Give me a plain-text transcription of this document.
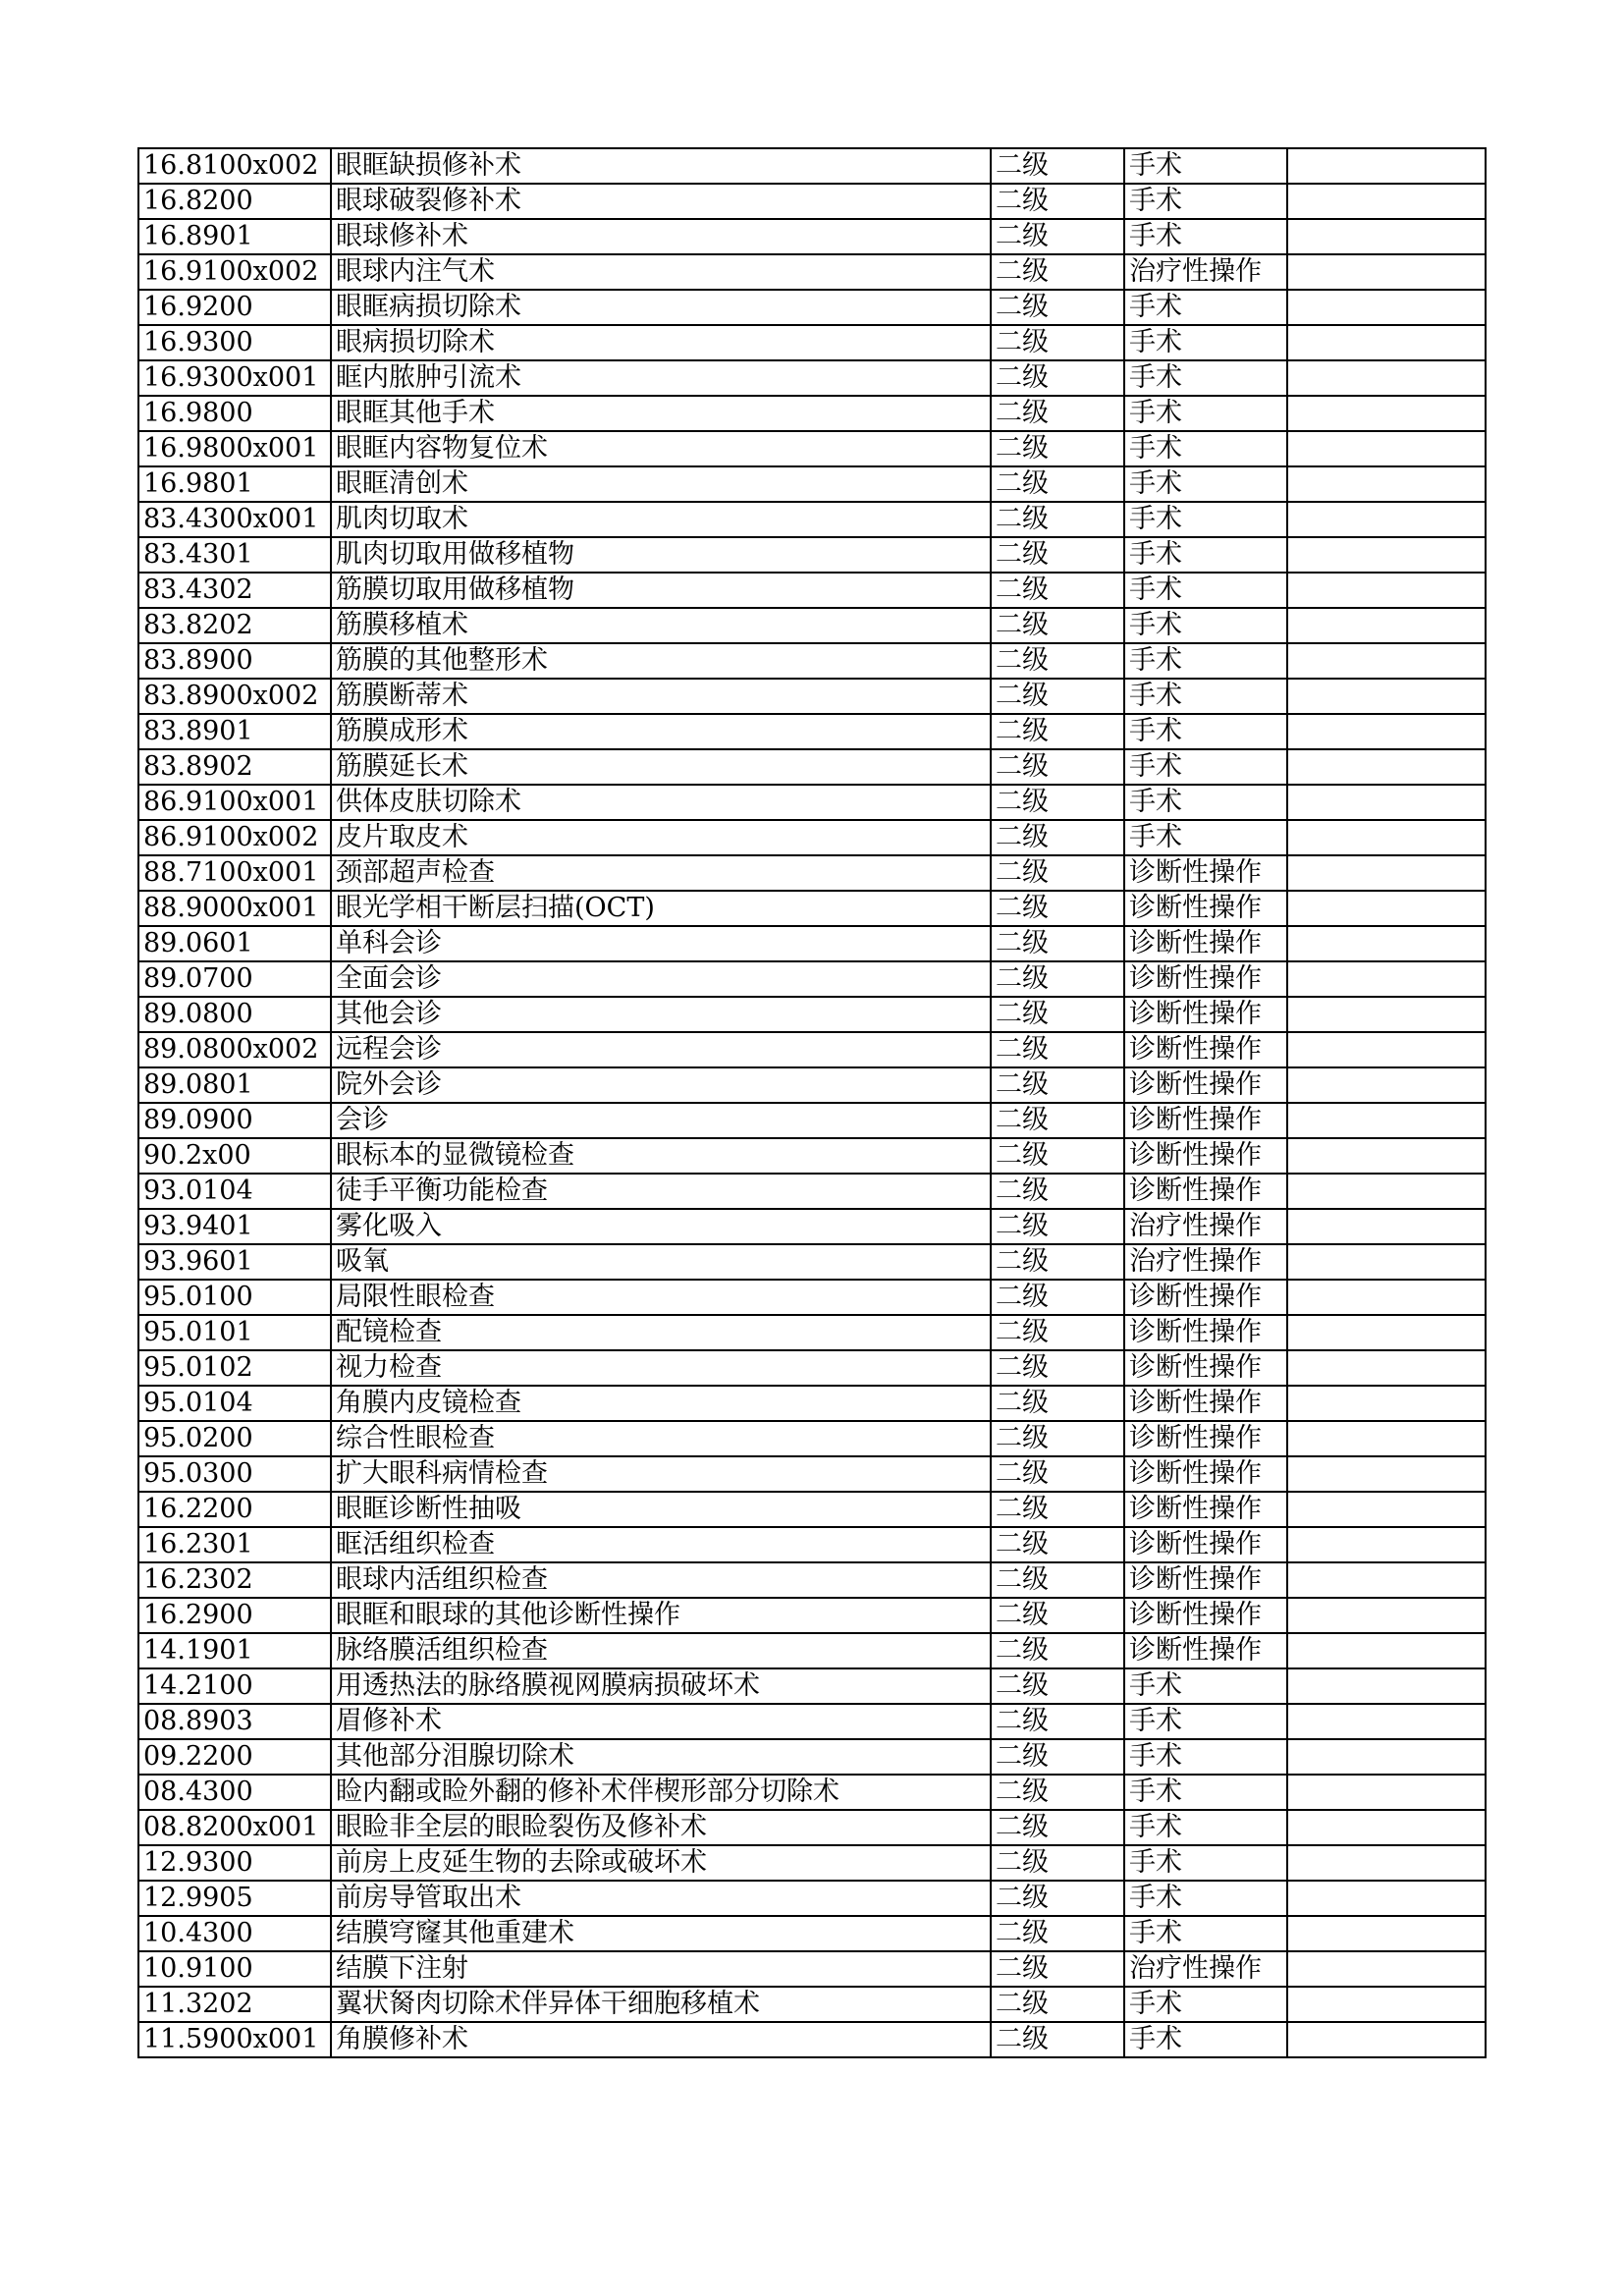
16.8100x002	眼眶缺损修补术	二级	手术	
16.8200	眼球破裂修补术	二级	手术	
16.8901	眼球修补术	二级	手术	
16.9100x002	眼球内注气术	二级	治疗性操作	
16.9200	眼眶病损切除术	二级	手术	
16.9300	眼病损切除术	二级	手术	
16.9300x001	眶内脓肿引流术	二级	手术	
16.9800	眼眶其他手术	二级	手术	
16.9800x001	眼眶内容物复位术	二级	手术	
16.9801	眼眶清创术	二级	手术	
83.4300x001	肌肉切取术	二级	手术	
83.4301	肌肉切取用做移植物	二级	手术	
83.4302	筋膜切取用做移植物	二级	手术	
83.8202	筋膜移植术	二级	手术	
83.8900	筋膜的其他整形术	二级	手术	
83.8900x002	筋膜断蒂术	二级	手术	
83.8901	筋膜成形术	二级	手术	
83.8902	筋膜延长术	二级	手术	
86.9100x001	供体皮肤切除术	二级	手术	
86.9100x002	皮片取皮术	二级	手术	
88.7100x001	颈部超声检查	二级	诊断性操作	
88.9000x001	眼光学相干断层扫描(OCT)	二级	诊断性操作	
89.0601	单科会诊	二级	诊断性操作	
89.0700	全面会诊	二级	诊断性操作	
89.0800	其他会诊	二级	诊断性操作	
89.0800x002	远程会诊	二级	诊断性操作	
89.0801	院外会诊	二级	诊断性操作	
89.0900	会诊	二级	诊断性操作	
90.2x00	眼标本的显微镜检查	二级	诊断性操作	
93.0104	徒手平衡功能检查	二级	诊断性操作	
93.9401	雾化吸入	二级	治疗性操作	
93.9601	吸氧	二级	治疗性操作	
95.0100	局限性眼检查	二级	诊断性操作	
95.0101	配镜检查	二级	诊断性操作	
95.0102	视力检查	二级	诊断性操作	
95.0104	角膜内皮镜检查	二级	诊断性操作	
95.0200	综合性眼检查	二级	诊断性操作	
95.0300	扩大眼科病情检查	二级	诊断性操作	
16.2200	眼眶诊断性抽吸	二级	诊断性操作	
16.2301	眶活组织检查	二级	诊断性操作	
16.2302	眼球内活组织检查	二级	诊断性操作	
16.2900	眼眶和眼球的其他诊断性操作	二级	诊断性操作	
14.1901	脉络膜活组织检查	二级	诊断性操作	
14.2100	用透热法的脉络膜视网膜病损破坏术	二级	手术	
08.8903	眉修补术	二级	手术	
09.2200	其他部分泪腺切除术	二级	手术	
08.4300	睑内翻或睑外翻的修补术伴楔形部分切除术	二级	手术	
08.8200x001	眼睑非全层的眼睑裂伤及修补术	二级	手术	
12.9300	前房上皮延生物的去除或破坏术	二级	手术	
12.9905	前房导管取出术	二级	手术	
10.4300	结膜穹窿其他重建术	二级	手术	
10.9100	结膜下注射	二级	治疗性操作	
11.3202	翼状胬肉切除术伴异体干细胞移植术	二级	手术	
11.5900x001	角膜修补术	二级	手术	
